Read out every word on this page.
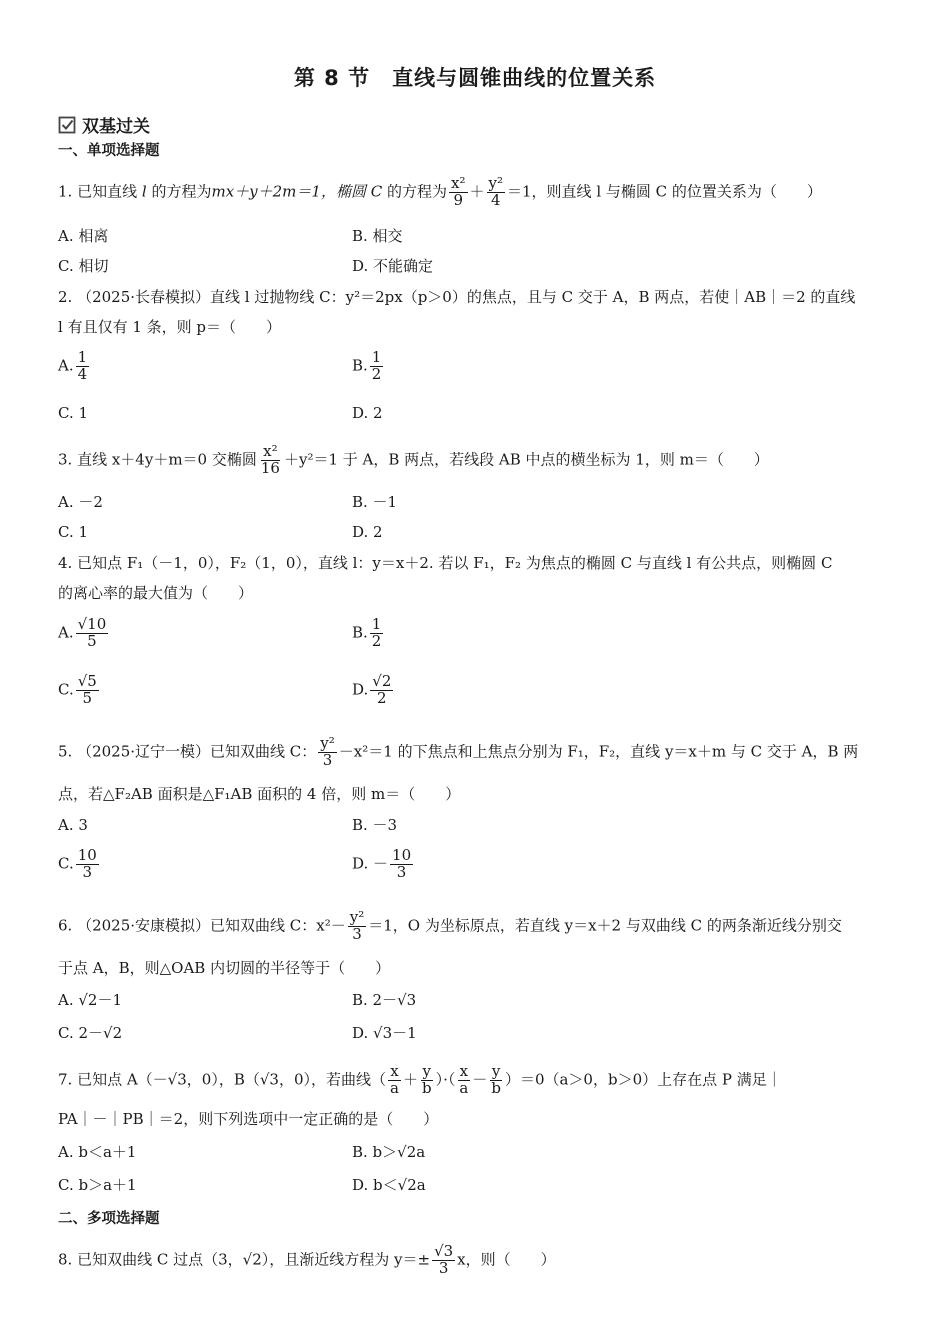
第 8 节　直线与圆锥曲线的位置关系
双基过关
一、单项选择题
1. 已知直线 l 的方程为mx＋y＋2m＝1，椭圆 C 的方程为 $\frac{\text{x²}}{9} + \frac{\text{y²}}{4} =1$，则直线 l 与椭圆 C 的位置关系为（　　）
A. 相离	B. 相交
C. 相切	D. 不能确定
2. （2025·长春模拟）直线 l 过抛物线 C：y²＝2px（p＞0）的焦点，且与 C 交于 A，B 两点，若使｜AB｜＝2 的直线
l 有且仅有 1 条，则 p＝（　　）
A. $\frac{1}{4}$	B. $\frac{1}{2}$
C. 1	D. 2
3. 直线 x＋4y＋m＝0 交椭圆 $\frac{\text{x²}}{16} +y^2=1$ 于 A，B 两点，若线段 AB 中点的横坐标为 1，则 m＝（　　）
A. －2	B. －1
C. 1	D. 2
4. 已知点 F₁（－1，0），F₂（1，0），直线 l：y＝x＋2. 若以 F₁，F₂ 为焦点的椭圆 C 与直线 l 有公共点，则椭圆 C
的离心率的最大值为（　　）
A. $\frac{√10}{5}$	B. $\frac{1}{2}$
C. $\frac{√5}{5}$	D. $\frac{√2}{2}$
5. （2025·辽宁一模）已知双曲线 C： $\frac{\text{y²}}{3} -x^2=1$ 的下焦点和上焦点分别为 F₁，F₂，直线 y＝x＋m 与 C 交于 A，B 两
点，若△F₂AB 面积是△F₁AB 面积的 4 倍，则 m＝（　　）
A. 3	B. －3
C. $\frac{10}{3}$	D. － $\frac{10}{3}$
6. （2025·安康模拟）已知双曲线 C：$x^2- \frac{\text{y²}}{3} =1$，O 为坐标原点，若直线 y＝x＋2 与双曲线 C 的两条渐近线分别交
于点 A，B，则△OAB 内切圆的半径等于（　　）
A. √2－1	B. 2－√3
C. 2－√2	D. √3－1
7. 已知点 A（－√3，0），B（√3，0），若曲线（ $\frac{x}{a} + \frac{y}{b}$ ）·（ $\frac{x}{a} - \frac{y}{b} )=0(a>0$，b＞0）上存在点 P 满足｜
PA｜－｜PB｜＝2，则下列选项中一定正确的是（　　）
A. b＜a＋1	B. b＞√2a
C. b＞a＋1	D. b＜√2a
二、多项选择题
8. 已知双曲线 C 过点（3，√2），且渐近线方程为 $y=\pm \frac{√3}{3}$ x，则（　　）
